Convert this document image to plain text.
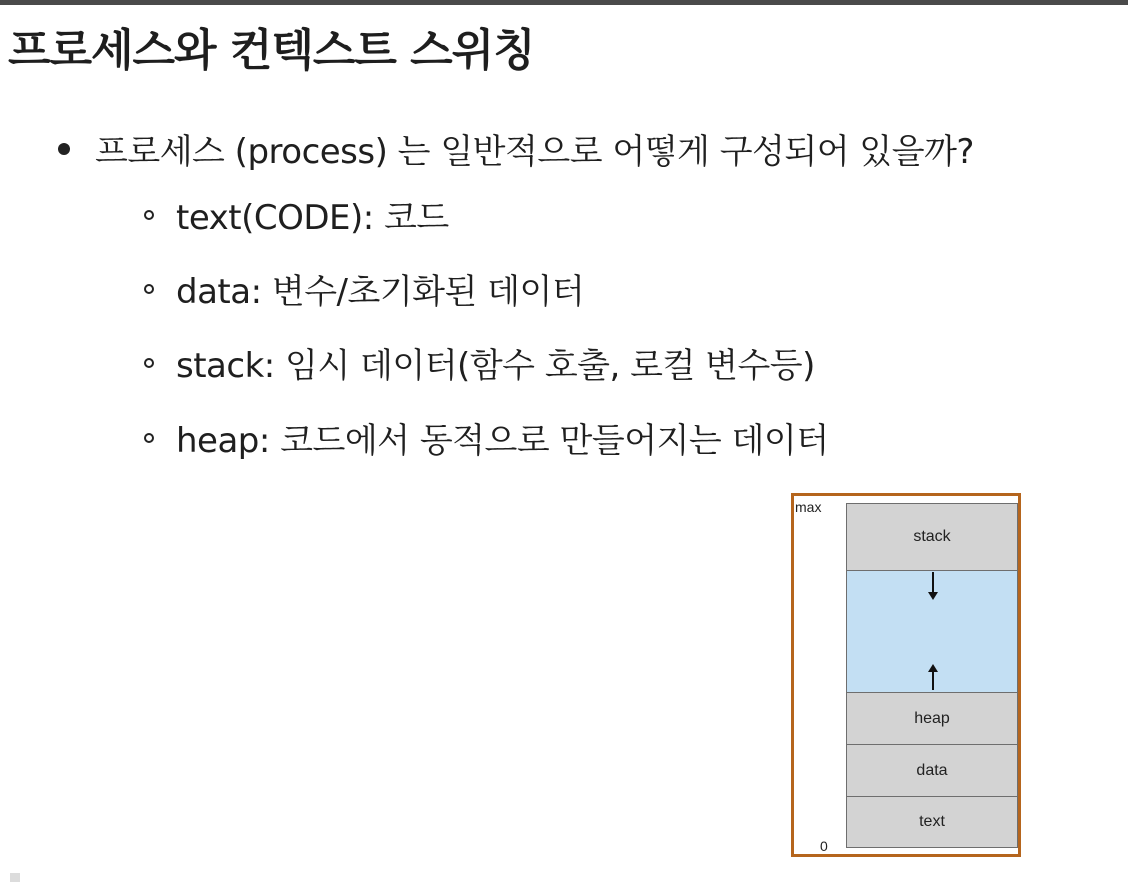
프로세스와 컨텍스트 스위칭
프로세스 (process) 는 일반적으로 어떻게 구성되어 있을까?
text(CODE): 코드
data: 변수/초기화된 데이터
stack: 임시 데이터(함수 호출, 로컬 변수등)
heap: 코드에서 동적으로 만들어지는 데이터
max
0
stack
heap
data
text
